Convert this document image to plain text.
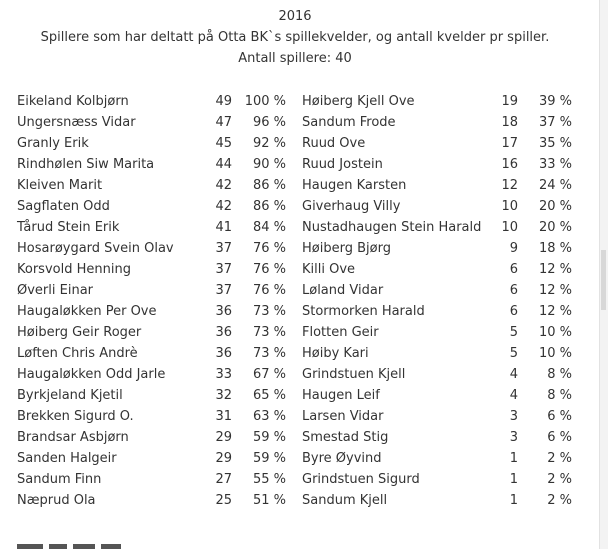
2016
Spillere som har deltatt på Otta BK`s spillekvelder, og antall kvelder pr spiller.
Antall spillere: 40
Eikeland Kolbjørn	49 100 % Høiberg Kjell Ove	19	39 %
Ungersnæss Vidar	47	96 % Sandum Frode	18	37 %
Granly Erik	45	92 % Ruud Ove	17	35 %
Rindhølen Siw Marita	44	90 % Ruud Jostein	16	33 %
Kleiven Marit	42	86 % Haugen Karsten	12	24 %
Sagflaten Odd	42	86 % Giverhaug Villy	10	20 %
Tårud Stein Erik	41	84 % Nustadhaugen Stein Harald	10	20 %
Hosarøygard Svein Olav	37	76 % Høiberg Bjørg	9	18 %
Korsvold Henning	37	76 % Killi Ove	6	12 %
Øverli Einar	37	76 % Løland Vidar	6	12 %
Haugaløkken Per Ove	36	73 % Stormorken Harald	6	12 %
Høiberg Geir Roger	36	73 % Flotten Geir	5	10 %
Løften Chris Andrè	36	73 % Høiby Kari	5	10 %
Haugaløkken Odd Jarle	33	67 % Grindstuen Kjell	4	8 %
Byrkjeland Kjetil	32	65 % Haugen Leif	4	8 %
Brekken Sigurd O.	31	63 % Larsen Vidar	3	6 %
Brandsar Asbjørn	29	59 % Smestad Stig	3	6 %
Sanden Halgeir	29	59 % Byre Øyvind	1	2 %
Sandum Finn	27	55 % Grindstuen Sigurd	1	2 %
Næprud Ola	25	51 % Sandum Kjell	1	2 %
